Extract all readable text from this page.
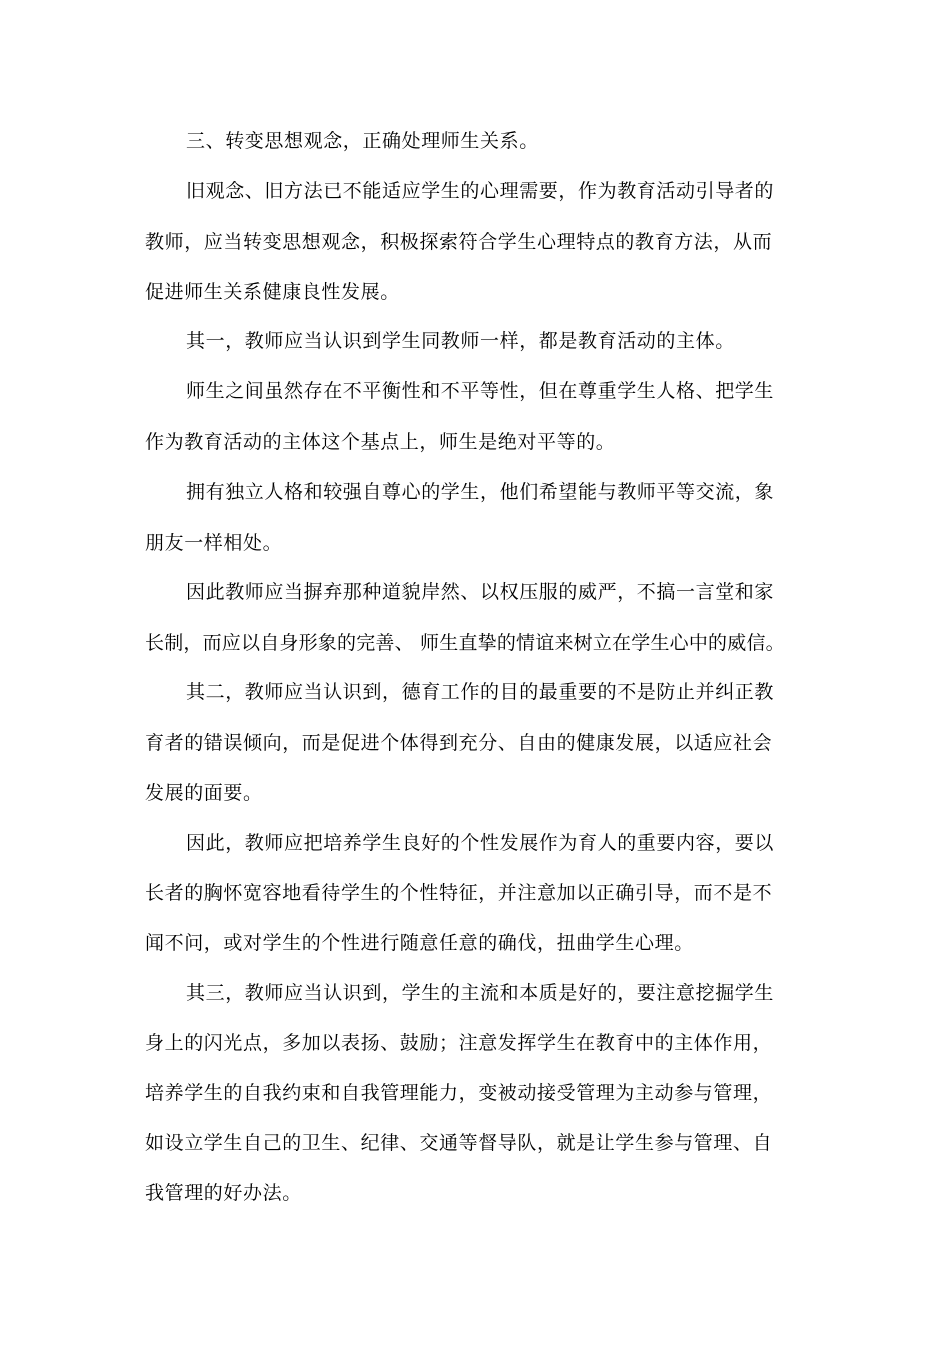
三、转变思想观念，正确处理师生关系。
旧观念、旧方法已不能适应学生的心理需要，作为教育活动引导者的
教师，应当转变思想观念，积极探索符合学生心理特点的教育方法，从而
促进师生关系健康良性发展。
其一，教师应当认识到学生同教师一样，都是教育活动的主体。
师生之间虽然存在不平衡性和不平等性，但在尊重学生人格、把学生
作为教育活动的主体这个基点上，师生是绝对平等的。
拥有独立人格和较强自尊心的学生，他们希望能与教师平等交流，象
朋友一样相处。
因此教师应当摒弃那种道貌岸然、以权压服的威严，不搞一言堂和家
长制，而应以自身形象的完善、 师生直挚的情谊来树立在学生心中的威信。
其二，教师应当认识到，德育工作的目的最重要的不是防止并纠正教
育者的错误倾向，而是促进个体得到充分、自由的健康发展，以适应社会
发展的面要。
因此，教师应把培养学生良好的个性发展作为育人的重要内容，要以
长者的胸怀宽容地看待学生的个性特征，并注意加以正确引导，而不是不
闻不问，或对学生的个性进行随意任意的确伐，扭曲学生心理。
其三，教师应当认识到，学生的主流和本质是好的，要注意挖掘学生
身上的闪光点，多加以表扬、鼓励；注意发挥学生在教育中的主体作用，
培养学生的自我约束和自我管理能力，变被动接受管理为主动参与管理，
如设立学生自己的卫生、纪律、交通等督导队，就是让学生参与管理、自
我管理的好办法。
